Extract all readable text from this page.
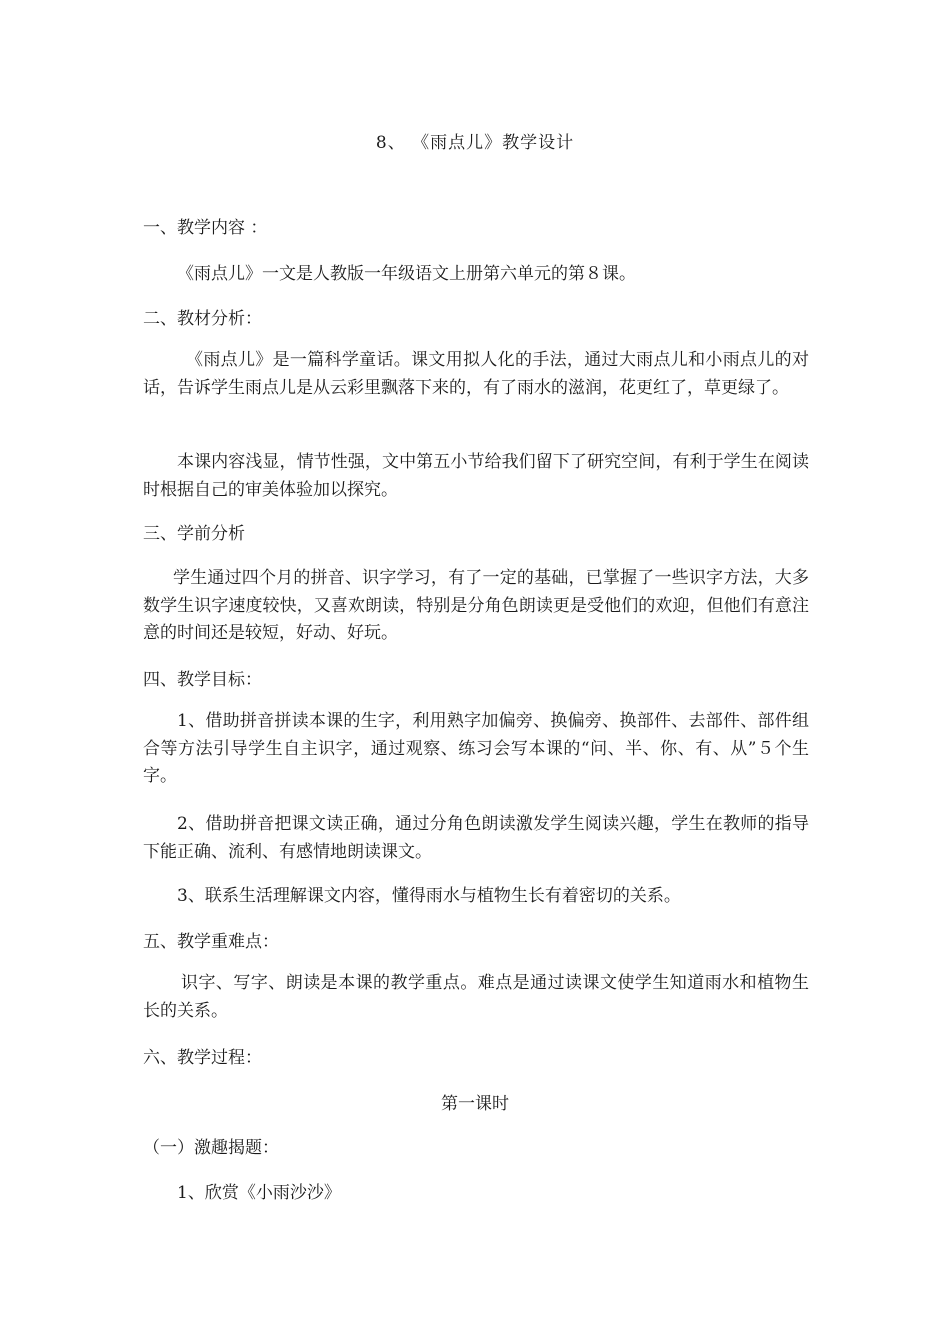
8、 《雨点儿》教学设计
一、教学内容 ：
《雨点儿》一文是人教版一年级语文上册第六单元的第８课。
二、教材分析：
《雨点儿》是一篇科学童话。课文用拟人化的手法，通过大雨点儿和小雨点儿的对话，告诉学生雨点儿是从云彩里飘落下来的，有了雨水的滋润，花更红了，草更绿了。
本课内容浅显，情节性强，文中第五小节给我们留下了研究空间，有利于学生在阅读时根据自己的审美体验加以探究。
三、学前分析
学生通过四个月的拼音、识字学习，有了一定的基础，已掌握了一些识字方法，大多数学生识字速度较快，又喜欢朗读，特别是分角色朗读更是受他们的欢迎，但他们有意注意的时间还是较短，好动、好玩。
四、教学目标：
1、借助拼音拼读本课的生字，利用熟字加偏旁、换偏旁、换部件、去部件、部件组合等方法引导学生自主识字，通过观察、练习会写本课的“问、半、你、有、从”５个生字。
2、借助拼音把课文读正确，通过分角色朗读激发学生阅读兴趣，学生在教师的指导下能正确、流利、有感情地朗读课文。
3、联系生活理解课文内容，懂得雨水与植物生长有着密切的关系。
五、教学重难点：
识字、写字、朗读是本课的教学重点。难点是通过读课文使学生知道雨水和植物生长的关系。
六、教学过程：
第一课时
（一）激趣揭题：
1、欣赏《小雨沙沙》
